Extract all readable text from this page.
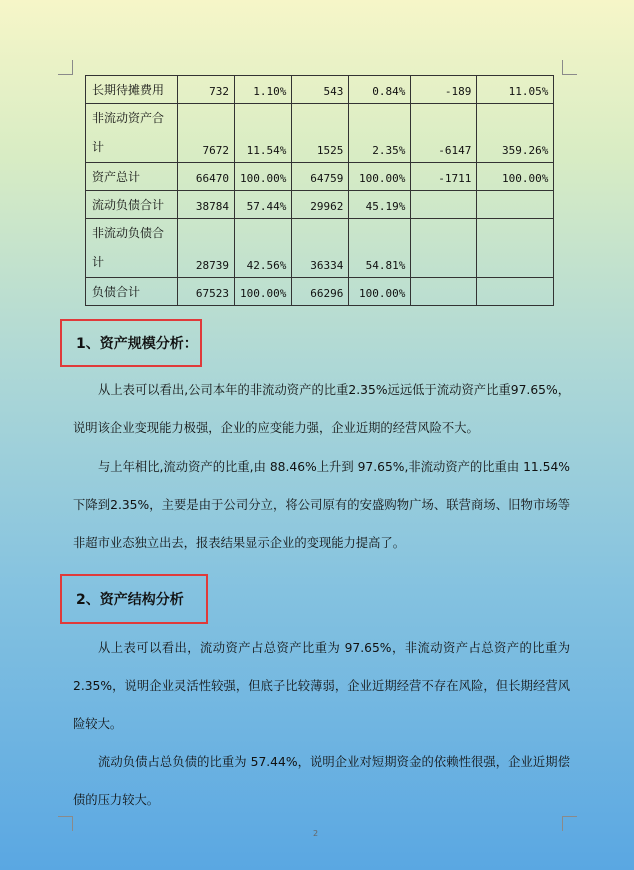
长期待摊费用	732	1.10%	543	0.84%	-189	11.05%
非流动资产合
计	7672	11.54%	1525	2.35%	-6147	359.26%
资产总计	66470	100.00%	64759	100.00%	-1711	100.00%
流动负债合计	38784	57.44%	29962	45.19%		
非流动负债合
计	28739	42.56%	36334	54.81%		
负债合计	67523	100.00%	66296	100.00%		
1、资产规模分析：

从上表可以看出,公司本年的非流动资产的比重2.35%远远低于流动资产比重97.65%，说明该企业变现能力极强，企业的应变能力强，企业近期的经营风险不大。

与上年相比,流动资产的比重,由 88.46%上升到 97.65%,非流动资产的比重由 11.54%下降到2.35%，主要是由于公司分立，将公司原有的安盛购物广场、联营商场、旧物市场等非超市业态独立出去，报表结果显示企业的变现能力提高了。

2、资产结构分析

从上表可以看出，流动资产占总资产比重为 97.65%，非流动资产占总资产的比重为 2.35%，说明企业灵活性较强，但底子比较薄弱，企业近期经营不存在风险，但长期经营风险较大。

流动负债占总负债的比重为 57.44%，说明企业对短期资金的依赖性很强，企业近期偿债的压力较大。

2
